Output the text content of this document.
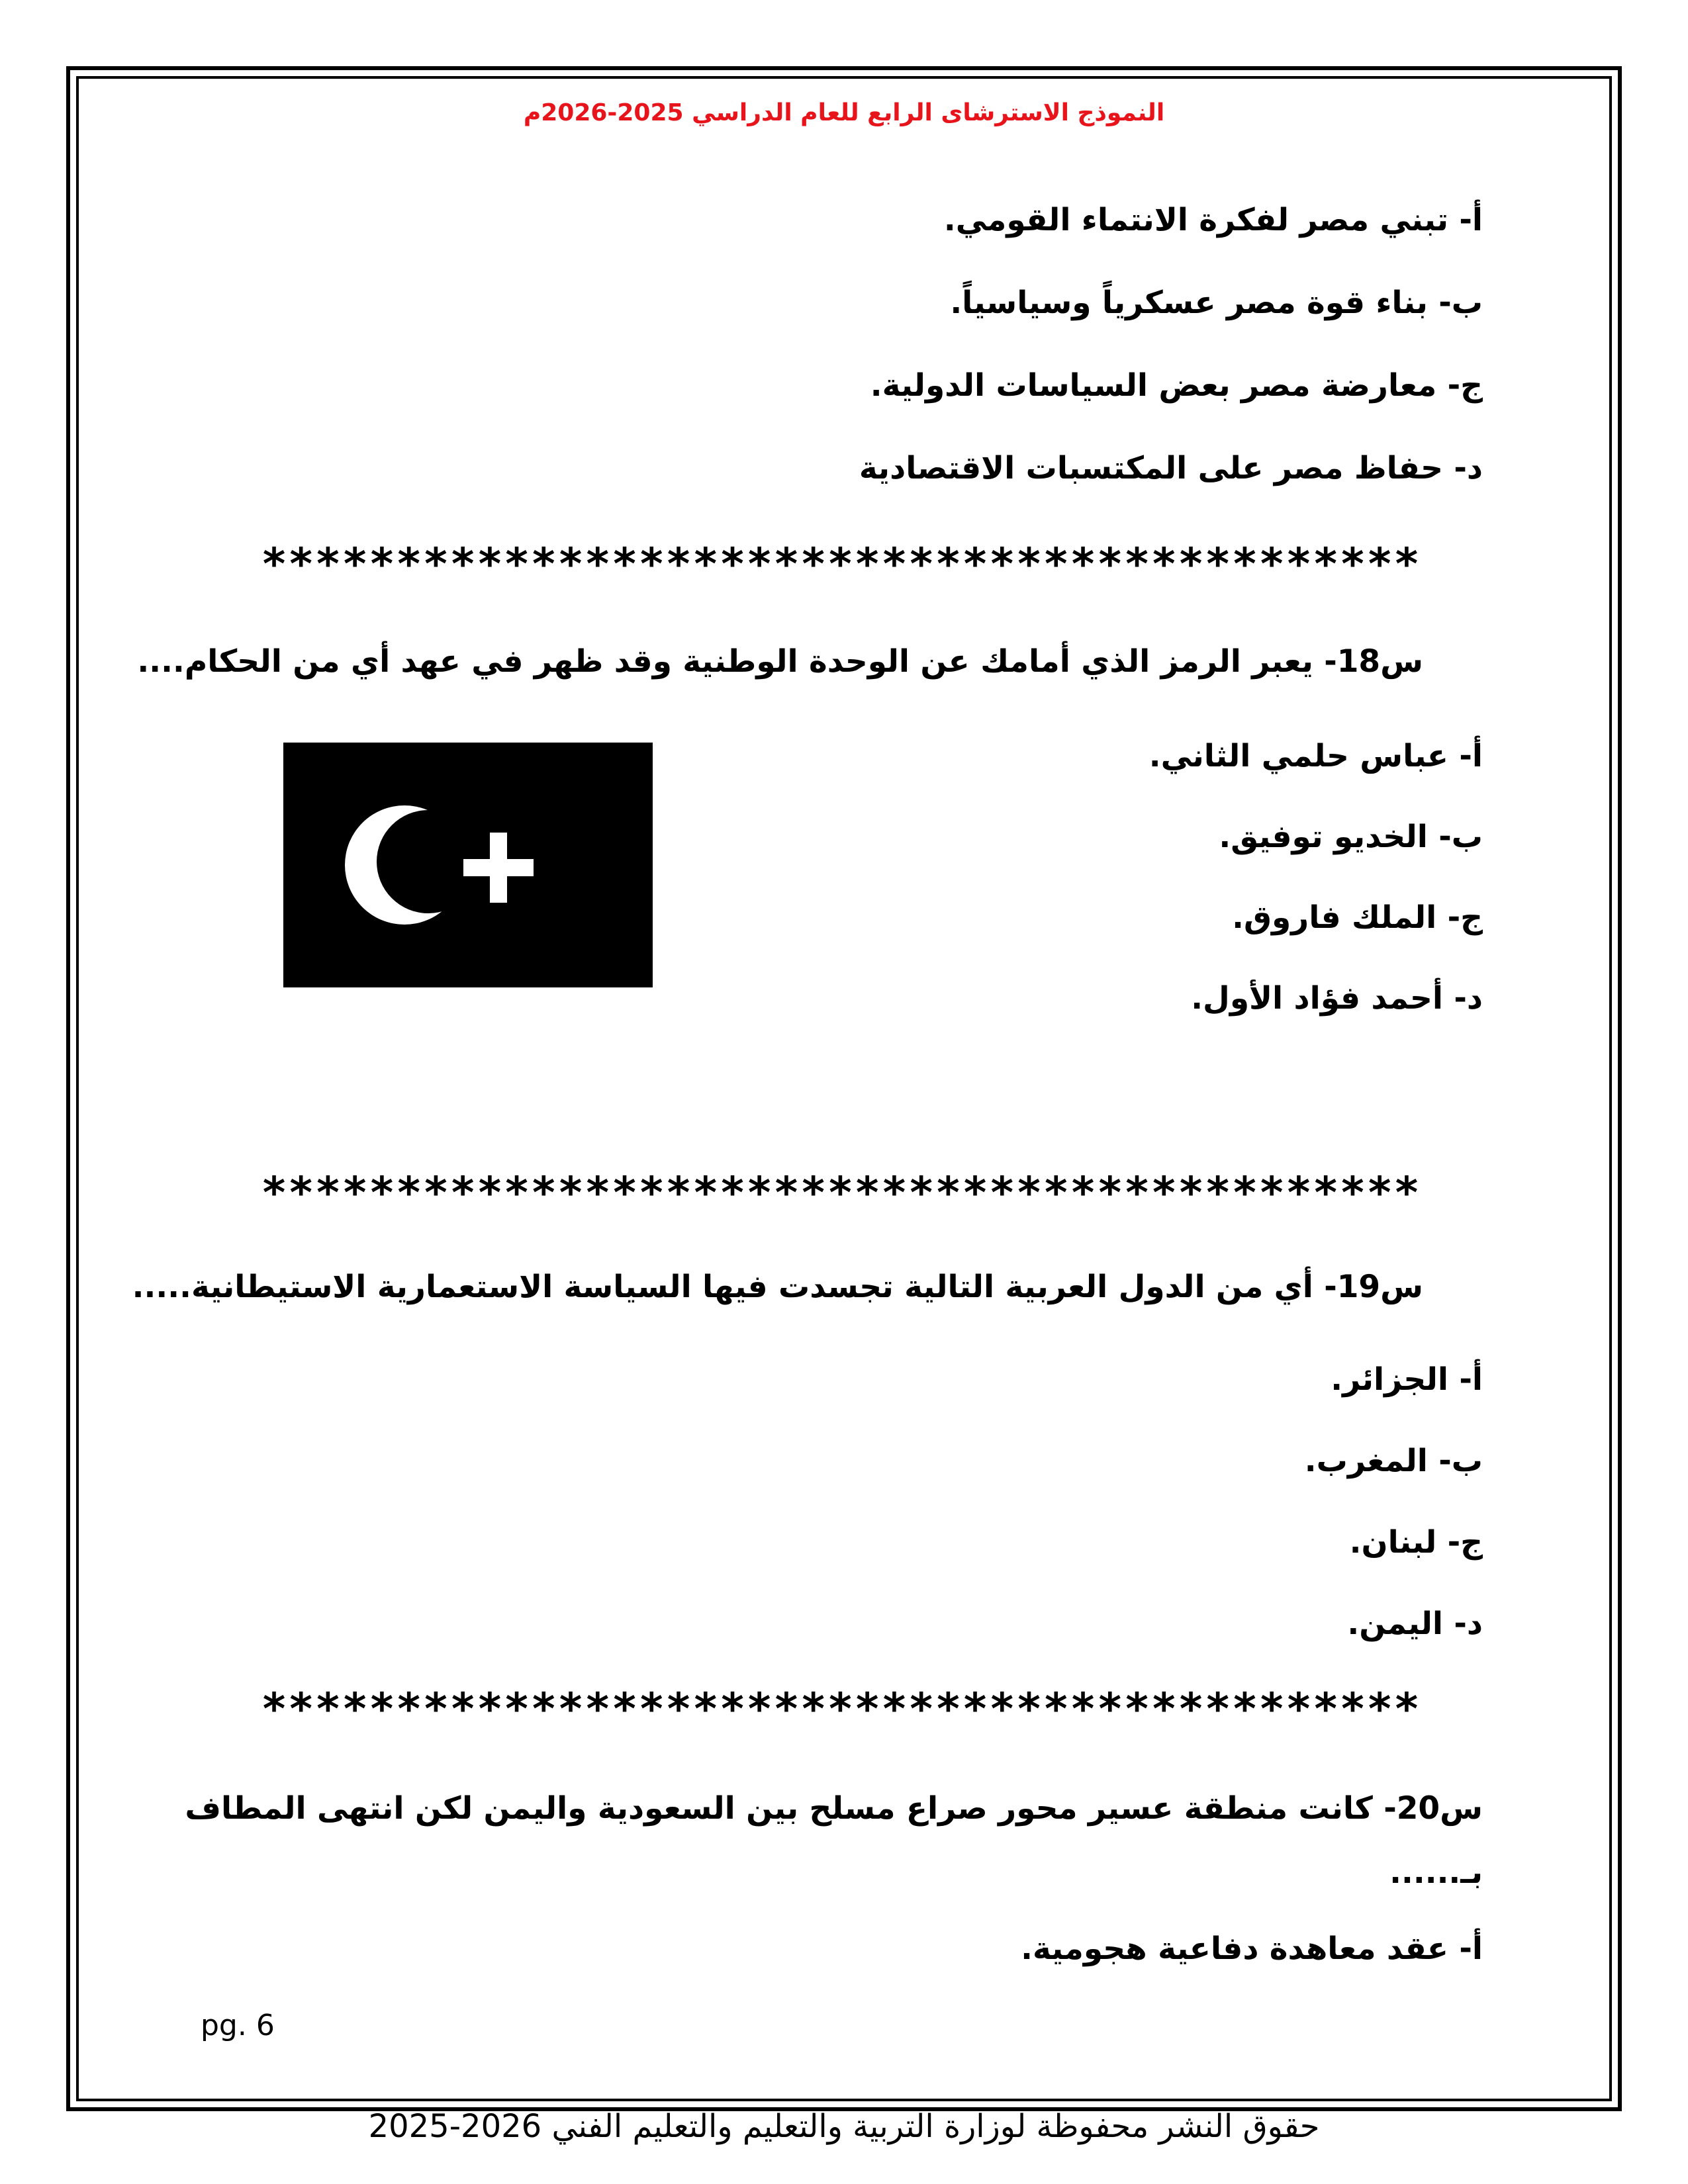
النموذج الاسترشاى الرابع للعام الدراسي 2025-2026م
أ- تبني مصر لفكرة الانتماء القومي.
ب- بناء قوة مصر عسكرياً وسياسياً.
ج- معارضة مصر بعض السياسات الدولية.
د- حفاظ مصر على المكتسبات الاقتصادية
*******************************************
س18- يعبر الرمز الذي أمامك عن الوحدة الوطنية وقد ظهر في عهد أي من الحكام....
أ- عباس حلمي الثاني.
ب- الخديو توفيق.
ج- الملك فاروق.
د- أحمد فؤاد الأول.
*******************************************
س19- أي من الدول العربية التالية تجسدت فيها السياسة الاستعمارية الاستيطانية.....
أ- الجزائر.
ب- المغرب.
ج- لبنان.
د- اليمن.
*******************************************
س20- كانت منطقة عسير محور صراع مسلح بين السعودية واليمن لكن انتهى المطاف
بـ......
أ- عقد معاهدة دفاعية هجومية.
pg. 6
حقوق النشر محفوظة لوزارة التربية والتعليم والتعليم الفني 2026-2025
